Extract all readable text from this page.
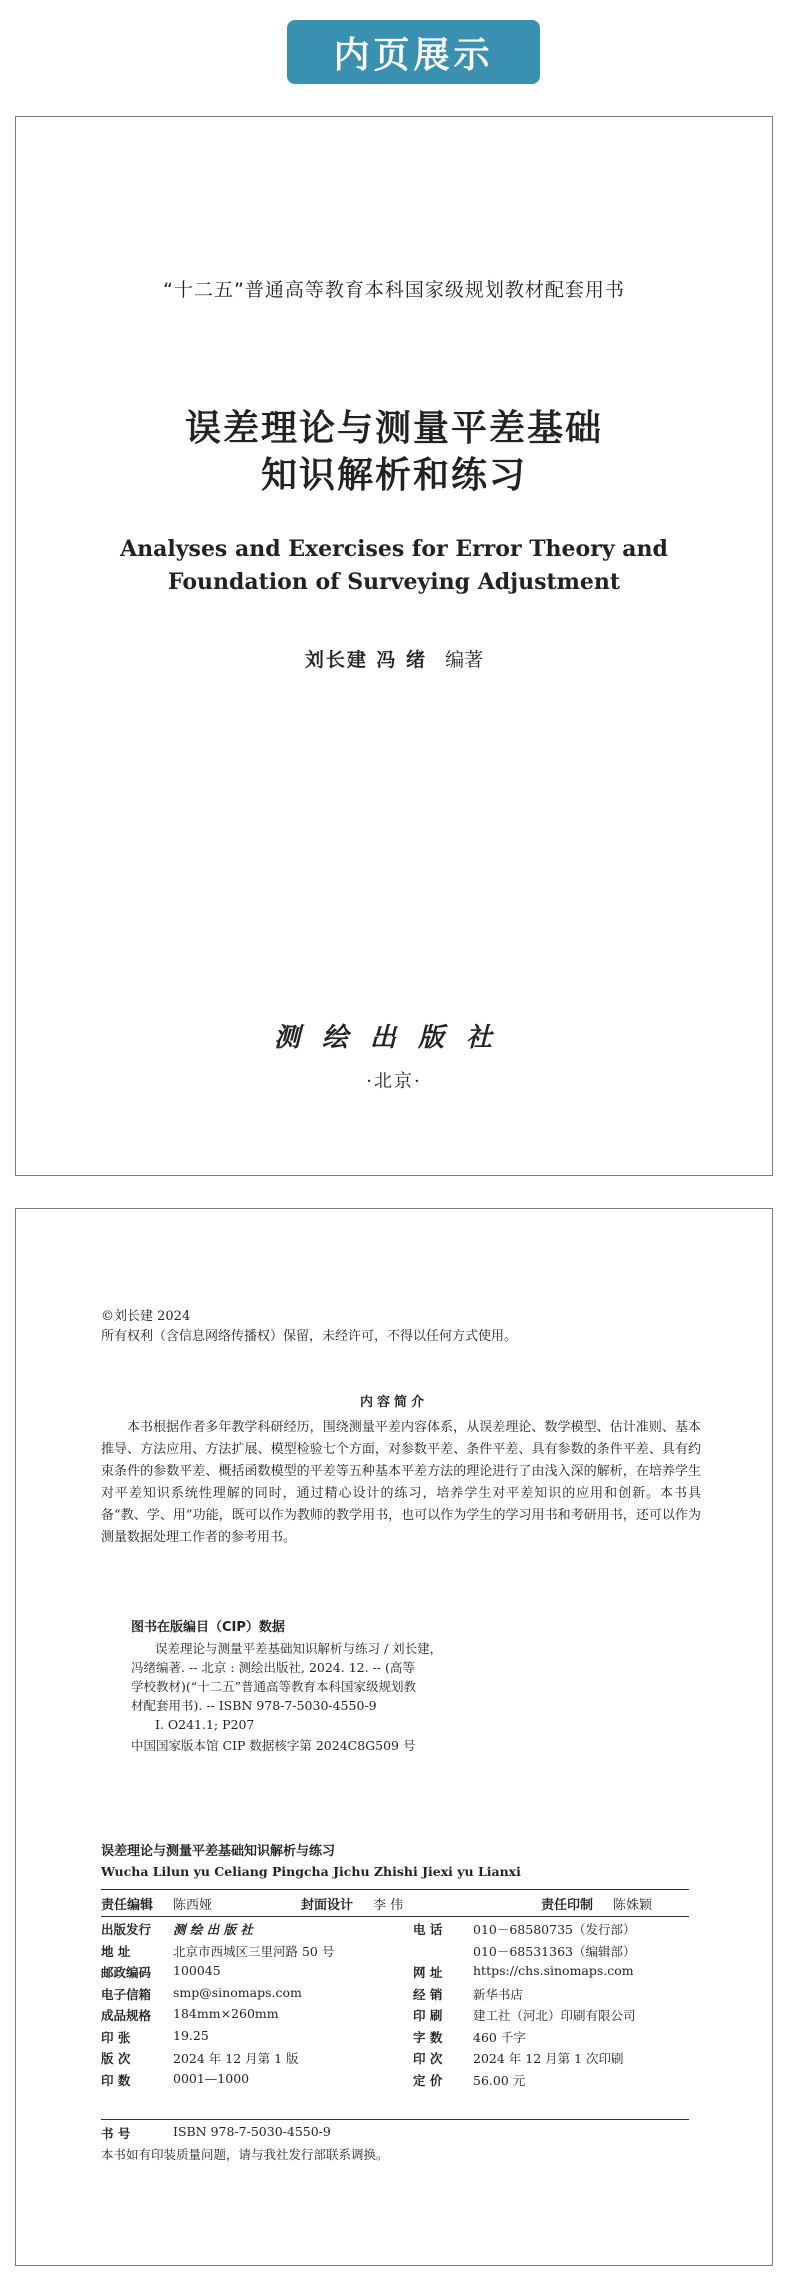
内页展示
“十二五”普通高等教育本科国家级规划教材配套用书
误差理论与测量平差基础
知识解析和练习
Analyses and Exercises for Error Theory and
Foundation of Surveying Adjustment
刘长建 冯 绪 编著
测绘出版社
·北京·
©刘长建 2024
所有权利（含信息网络传播权）保留，未经许可，不得以任何方式使用。
内容简介
本书根据作者多年教学科研经历，围绕测量平差内容体系，从误差理论、数学模型、估计准则、基本推导、方法应用、方法扩展、模型检验七个方面，对参数平差、条件平差、具有参数的条件平差、具有约束条件的参数平差、概括函数模型的平差等五种基本平差方法的理论进行了由浅入深的解析，在培养学生对平差知识系统性理解的同时，通过精心设计的练习，培养学生对平差知识的应用和创新。本书具备“教、学、用”功能，既可以作为教师的教学用书，也可以作为学生的学习用书和考研用书，还可以作为测量数据处理工作者的参考用书。
图书在版编目（CIP）数据
误差理论与测量平差基础知识解析与练习 / 刘长建，
冯绪编著. -- 北京 : 测绘出版社, 2024. 12. -- (高等
学校教材)(“十二五”普通高等教育本科国家级规划教
材配套用书). -- ISBN 978-7-5030-4550-9
Ⅰ. O241.1; P207
中国国家版本馆 CIP 数据核字第 2024C8G509 号
误差理论与测量平差基础知识解析与练习
Wucha Lilun yu Celiang Pingcha Jichu Zhishi Jiexi yu Lianxi
责任编辑 陈西娅	封面设计 李 伟	责任印制 陈姝颖
出版发行 测 绘 出 版 社	电 话 010－68580735（发行部）
010－68531363（编辑部）
地 址	北京市西城区三里河路 50 号
邮政编码 100045	网 址 https://chs.sinomaps.com
电子信箱 smp@sinomaps.com	经 销 新华书店
成品规格 184mm×260mm	印 刷 建工社（河北）印刷有限公司
印 张	19.25	字 数 460 千字
版 次	2024 年 12 月第 1 版	印 次 2024 年 12 月第 1 次印刷
印 数	0001—1000	定 价 56.00 元
书 号	ISBN 978-7-5030-4550-9
本书如有印装质量问题，请与我社发行部联系调换。
